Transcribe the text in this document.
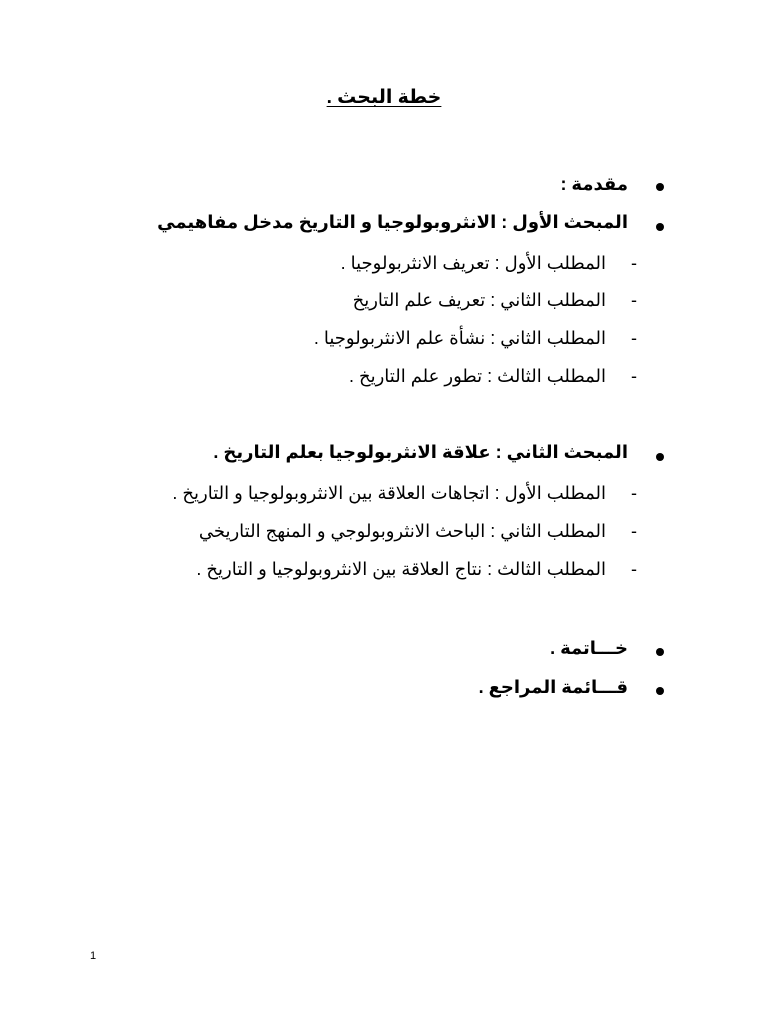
خطة البحث .
مقدمة :
المبحث الأول : الانثروبولوجيا و التاريخ مدخل مفاهيمي
-
المطلب الأول : تعريف الانثربولوجيا .
-
المطلب الثاني : تعريف علم التاريخ
-
المطلب الثاني : نشأة علم الانثربولوجيا .
-
المطلب الثالث : تطور علم التاريخ .
المبحث الثاني : علاقة الانثربولوجيا بعلم التاريخ .
-
المطلب الأول : اتجاهات العلاقة بين الانثروبولوجيا و التاريخ .
-
المطلب الثاني : الباحث الانثروبولوجي و المنهج التاريخي
-
المطلب الثالث : نتاج العلاقة بين الانثروبولوجيا و التاريخ .
خـــاتمة .
قـــائمة المراجع .
1
